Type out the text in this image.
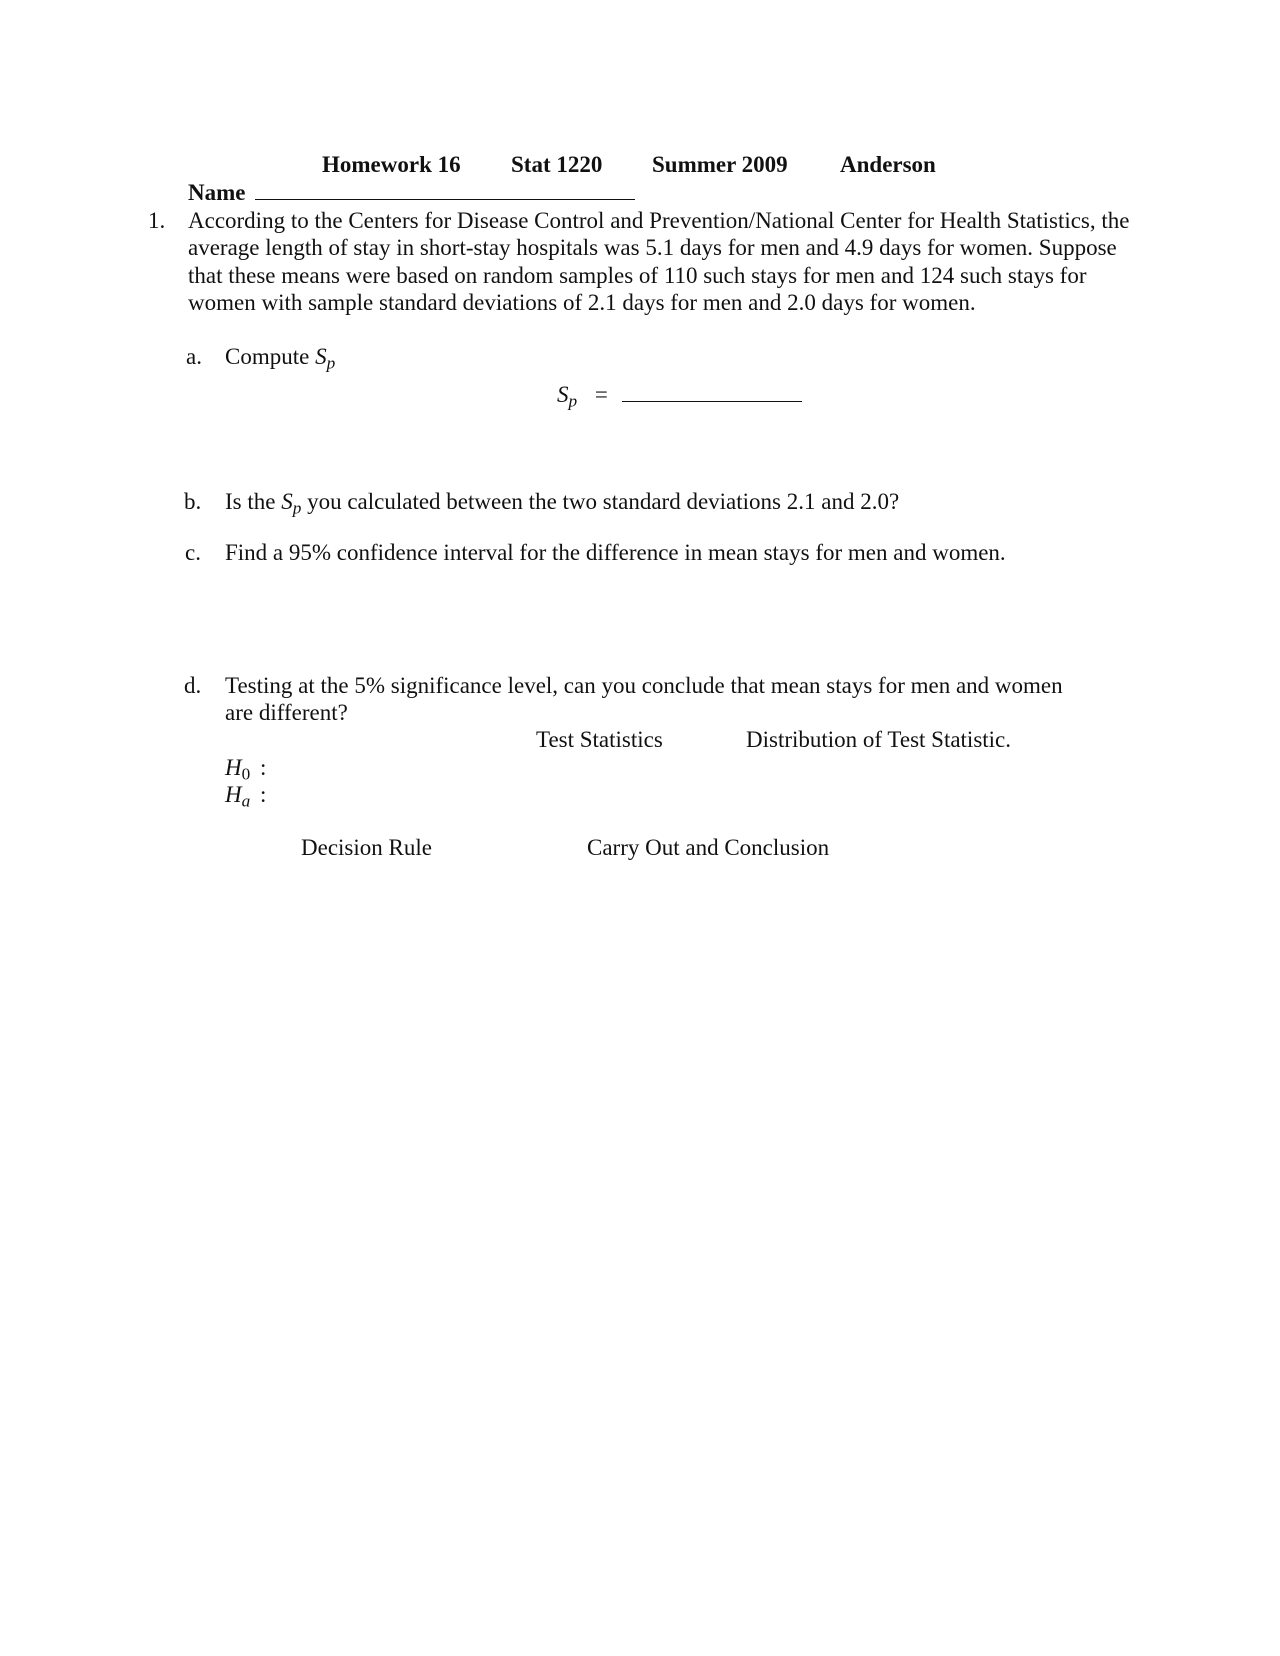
Homework 16 Stat 1220 Summer 2009 Anderson
Name
1. According to the Centers for Disease Control and Prevention/National Center for Health Statistics, the average length of stay in short-stay hospitals was 5.1 days for men and 4.9 days for women. Suppose that these means were based on random samples of 110 such stays for men and 124 such stays for women with sample standard deviations of 2.1 days for men and 2.0 days for women.
a. Compute $S_p$
$S_p$ =
b. Is the $S_p$ you calculated between the two standard deviations 2.1 and 2.0?
c. Find a 95% confidence interval for the difference in mean stays for men and women.
d. Testing at the 5% significance level, can you conclude that mean stays for men and women
are different?
Test Statistics	Distribution of Test Statistic.
$H_0$ :
$H_a$ :
Decision Rule	Carry Out and Conclusion
